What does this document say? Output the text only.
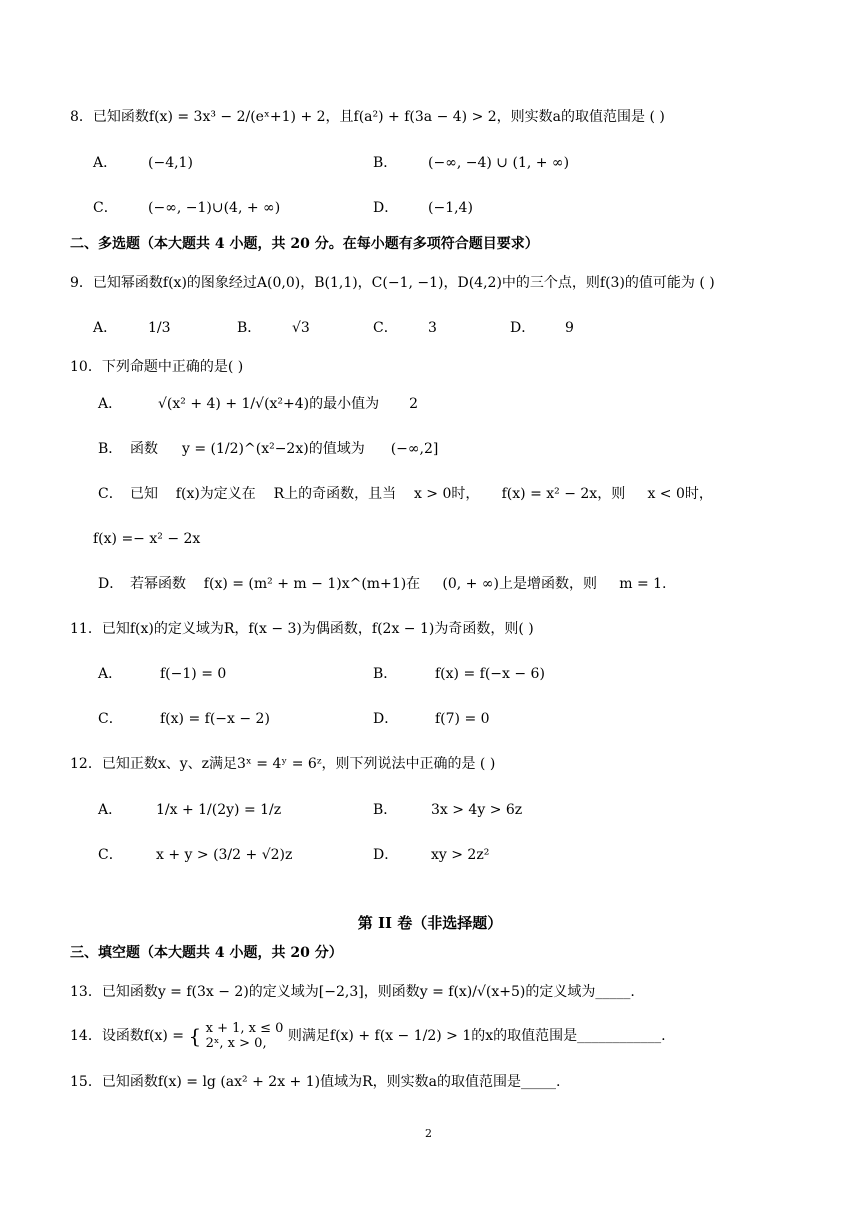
8．已知函数f(x) = 3x³ − 2/(eˣ+1) + 2，且f(a²) + f(3a − 4) > 2，则实数a的取值范围是 ( )
A． (−4,1)	B． (−∞, −4) ∪ (1, + ∞)
C． (−∞, −1)∪(4, + ∞)	D． (−1,4)
二、多选题（本大题共 4 小题，共 20 分。在每小题有多项符合题目要求）
9．已知幂函数f(x)的图象经过A(0,0)，B(1,1)，C(−1, −1)，D(4,2)中的三个点，则f(3)的值可能为 ( )
A． 1/3	B． √3	C． 3	D． 9
10．下列命题中正确的是( )
A．	√(x² + 4) + 1/√(x²+4)的最小值为 2
B． 函数 y = (1/2)^(x²−2x)的值域为 (−∞,2]
C． 已知    f(x)为定义在    R上的奇函数，且当    x > 0时，     f(x) = x² − 2x，则     x < 0时，
f(x) =− x² − 2x
D． 若幂函数    f(x) = (m² + m − 1)x^(m+1)在     (0, + ∞)上是增函数，则     m = 1.
11．已知f(x)的定义域为R，f(x − 3)为偶函数，f(2x − 1)为奇函数，则( )
A．	f(−1) = 0	B．	f(x) = f(−x − 6)
C．	f(x) = f(−x − 2)	D．	f(7) = 0
12．已知正数x、y、z满足3ˣ = 4ʸ = 6ᶻ，则下列说法中正确的是 ( )
A． 1/x + 1/(2y) = 1/z	B． 3x > 4y > 6z
C． x + y > (3/2 + √2)z	D． xy > 2z²
第 II 卷（非选择题）
三、填空题（本大题共 4 小题，共 20 分）
13．已知函数y = f(3x − 2)的定义域为[−2,3]，则函数y = f(x)/√(x+5)的定义域为_____.
14．设函数f(x) = { x + 1, x ≤ 0
2ˣ, x > 0,	则满足f(x) + f(x − 1/2) > 1的x的取值范围是____________.
15．已知函数f(x) = lg (ax² + 2x + 1)值域为R，则实数a的取值范围是_____.
2
